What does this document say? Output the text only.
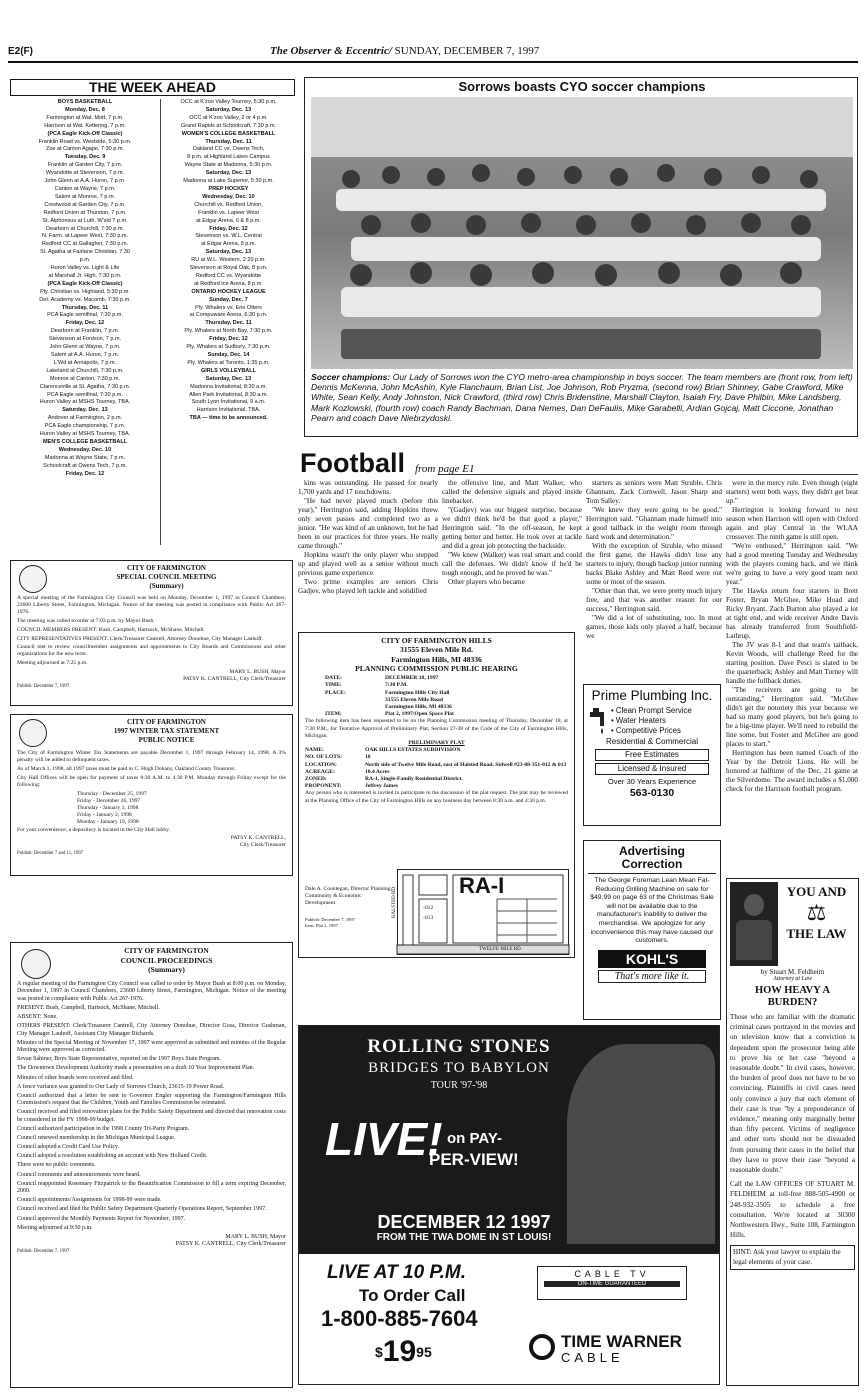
E2(F)	The Observer & Eccentric/ SUNDAY, DECEMBER 7, 1997
THE WEEK AHEAD
BOYS BASKETBALL
Monday, Dec. 8
Farmington at Wat. Mott, 7 p.m.
Harrison at Wat. Kettering, 7 p.m.
(PCA Eagle Kick-Off Classic)
Franklin Road vs. Westside, 5:30 p.m.
Zoe at Canton Agape, 7:30 p.m.
Tuesday, Dec. 9
Franklin at Garden City, 7 p.m.
Wyandotte at Stevenson, 7 p.m.
John Glenn at A.A. Huron, 7 p.m.
Canton at Wayne, 7 p.m.
Salem at Monroe, 7 p.m.
Crestwood at Garden City, 7 p.m.
Redford Union at Thurston, 7 p.m.
St. Alphonsus at Luth. W'sld 7 p.m.
Dearborn at Churchill, 7:30 p.m.
N. Farm. at Lapeer West, 7:30 p.m.
Redford CC at Gallagher, 7:30 p.m.
St. Agatha at Fairlane Christian, 7:30
p.m.
Huron Valley vs. Light & Life
at Marshall Jr. High, 7:30 p.m.
(PCA Eagle Kick-Off Classic)
Ply. Christian vs. Highland, 5:30 p.m.
Det. Academy vs. Macomb, 7:30 p.m.
Thursday, Dec. 11
PCA Eagle semifinal, 7:30 p.m.
Friday, Dec. 12
Dearborn at Franklin, 7 p.m.
Stevenson at Fordson, 7 p.m.
John Glenn at Wayne, 7 p.m.
Salem at A.A. Huron, 7 p.m.
L'Wd at Annapolis, 7 p.m.
Lakeland at Churchill, 7:30 p.m.
Monroe at Canton, 7:30 p.m.
Clarenceville at St. Agatha, 7:30 p.m.
PCA Eagle semifinal, 7:30 p.m.
Huron Valley at MSHS Tourney, TBA.
Saturday, Dec. 13
Andover at Farmington, 2 p.m.
PCA Eagle championship, 7 p.m.
Huron Valley at MSHS Tourney, TBA.
MEN'S COLLEGE BASKETBALL
Wednesday, Dec. 10
Madonna at Wayne State, 7 p.m.
Schoolcraft at Owens Tech, 7 p.m.
Friday, Dec. 12
OCC at K'zoo Valley Tourney, 5:30 p.m.
Saturday, Dec. 13
OCC at K'zoo Valley, 2 or 4 p.m.
Grand Rapids at Schoolcraft, 7:30 p.m.
WOMEN'S COLLEGE BASKETBALL
Thursday, Dec. 11
Oakland CC vs. Owens Tech,
8 p.m. at Highland Lakes Campus
Wayne State at Madonna, 5:30 p.m.
Saturday, Dec. 13
Madonna at Lake Superior, 5:30 p.m.
PREP HOCKEY
Wednesday, Dec. 10
Churchill vs. Redford Union,
Franklin vs. Lapeer West
at Edgar Arena, 6 & 8 p.m.
Friday, Dec. 12
Stevenson vs. W.L. Central
at Edgar Arena, 8 p.m.
Saturday, Dec. 13
RU at W.L. Western, 2:20 p.m.
Stevenson at Royal Oak, 8 p.m.
Redford CC vs. Wyandotte
at Redford Ice Arena, 8 p.m.
ONTARIO HOCKEY LEAGUE
Sunday, Dec. 7
Ply. Whalers vs. Erie Otters
at Compuware Arena, 6:30 p.m.
Thursday, Dec. 11
Ply. Whalers at North Bay, 7:30 p.m.
Friday, Dec. 12
Ply. Whalers at Sudbury, 7:30 p.m.
Sunday, Dec. 14
Ply. Whalers at Toronto, 1:35 p.m.
GIRLS VOLLEYBALL
Saturday, Dec. 13
Madonna Invitational, 8:30 a.m.
Allen Park Invitational, 8:30 a.m.
South Lyon Invitational, 9 a.m.
Harrison Invitational, TBA.
TBA — time to be announced.
Sorrows boasts CYO soccer champions
Soccer champions: Our Lady of Sorrows won the CYO metro-area championship in boys soccer. The team members are (front row, from left) Dennis McKenna, John McAshin, Kyle Flanchaum, Brian List, Joe Johnson, Rob Pryzma, (second row) Brian Shinney, Gabe Crawford, Mike White, Sean Kelly, Andy Johnston, Nick Crawford, (third row) Chris Bridenstine, Marshall Clayton, Isaiah Fry, Dave Philbin, Mike Landsberg, Mark Kozlowski, (fourth row) coach Randy Bachman, Dana Nemes, Dan DeFaulis, Mike Garabelli, Ardian Gojcaj, Matt Ciccone, Jonathan Pearn and coach Dave Niebrzydoski.
Football from page E1

kins was outstanding. He passed for nearly 1,700 yards and 17 touchdowns.

"He had never played much (before this year)," Herrington said, adding Hopkins threw only seven passes and completed two as a junior. "He was kind of an unknown, but he had been in our practices for three years. He really came through."

Hopkins wasn't the only player who stepped up and played well as a senior without much previous game experience.

Two prime examples are seniors Chris Gadjev, who played left tackle and solidified

the offensive line, and Matt Walker, who called the defensive signals and played inside linebacker.

"(Gadjev) was our biggest surprise, because we didn't think he'd be that good a player," Herrington said. "In the off-season, he kept getting better and better. He took over at tackle and did a great job protecting the backside.

"We knew (Walker) was real smart and could call the defenses. We didn't know if he'd be tough enough, and he proved he was."

Other players who became

starters as seniors were Matt Struble, Chris Ghannam, Zack Cornwell, Jason Sharp and Tom Salley.

"We knew they were going to be good," Herrington said. "Ghannam made himself into a good tailback in the weight room through hard work and determination."

With the exception of Struble, who missed the first game, the Hawks didn't lose any starters to injury, though backup junior running backs Blake Ashley and Matt Reed were out some or most of the season.

"Other than that, we were pretty much injury free, and that was another reason for our success," Herrington said.

"We did a lot of substituting, too. In most games, those kids only played a half, because we

were in the mercy rule. Even though (eight starters) went both ways, they didn't get beat up."

Herrington is looking forward to next season when Harrison will open with Oxford again and play Central in the WLAA crossover. The ninth game is still open.

"We're enthused," Herrington said. "We had a good meeting Tuesday and Wednesday with the players coming back, and we think we're going to have a very good team next year."

The Hawks return four starters in Brett Foster, Bryan McGhee, Mike Hoad and Ricky Bryant. Zach Burton also played a lot at tight end, and wide receiver Andre Davis has already transferred from Southfield-Lathrup.

The JV was 8-1 and that team's tailback, Kevin Woods, will challenge Reed for the starting position. Dave Pesci is slated to be the quarterback; Ashley and Matt Turney will handle the fullback duties.

"The receivers are going to be outstanding," Herrington said. "McGhee didn't get the notoriety this year because we had so many good players, but he's going to be a big-time player. We'll need to rebuild the line some, but Foster and McGhee are good places to start."

Herrington has been named Coach of the Year by the Detroit Lions. He will be honored at halftime of the Dec. 21 game at the Silverdome. The award includes a $1,000 check for the Harrison football program.

CITY OF FARMINGTON
SPECIAL COUNCIL MEETING
(Summary)

A special meeting of the Farmington City Council was held on Monday, December 1, 1997 in Council Chambers, 23600 Liberty Street, Farmington, Michigan. Notice of the meeting was posted in compliance with Public Act 267-1976.

The meeting was called to order at 7:03 p.m. by Mayor Bush.

COUNCIL MEMBERS PRESENT: Bush, Campbell, Hartsock, McShane, Mitchell.

CITY REPRESENTATIVES PRESENT: Clerk/Treasurer Cantrell, Attorney Donohue, City Manager Lauhoff.

Council met to review councilmember assignments and appointments to City Boards and Commissions and other organizations for the new term.

Meeting adjourned at 7:25 p.m.

MARY L. BUSH, Mayor
PATSY K. CANTRELL, City Clerk/Treasurer
Publish: December 7, 1997
CITY OF FARMINGTON
1997 WINTER TAX STATEMENT
PUBLIC NOTICE

The City of Farmington Winter Tax Statements are payable December 1, 1997 through February 14, 1998. A 3% penalty will be added to delinquent taxes.

As of March 1, 1998, all 1997 taxes must be paid to C. Hugh Dohany, Oakland County Treasurer.

City Hall Offices will be open for payment of taxes 8:30 A.M. to 4:30 P.M. Monday through Friday except for the following:

Thursday - December 25, 1997
Friday - December 26, 1997
Thursday - January 1, 1998
Friday - January 2, 1998
Monday - January 19, 1998

For your convenience, a depository is located in the City Hall lobby.

PATSY K. CANTRELL,
City Clerk/Treasurer
Publish: December 7 and 11, 1997
CITY OF FARMINGTON
COUNCIL PROCEEDINGS
(Summary)

A regular meeting of the Farmington City Council was called to order by Mayor Bush at 8:00 p.m. on Monday, December 1, 1997 in Council Chambers, 23600 Liberty Street, Farmington, Michigan. Notice of the meeting was posted in compliance with Public Act 267-1976.

PRESENT: Bush, Campbell, Hartsock, McShane, Mitchell.

ABSENT: None.

OTHERS PRESENT: Clerk/Treasurer Cantrell, City Attorney Donohue, Director Gosa, Director Gushman, City Manager Lauhoff, Assistant City Manager Richards.

Minutes of the Special Meeting of November 17, 1997 were approved as submitted and minutes of the Regular Meeting were approved as corrected.

Sevan Sahiner, Boys State Representative, reported on the 1997 Boys State Program.

The Downtown Development Authority made a presentation on a draft 10 Year Improvement Plan.

Minutes of other boards were received and filed.

A fence variance was granted to Our Lady of Sorrows Church, 23615-19 Power Road.

Council authorized that a letter be sent to Governor Engler supporting the Farmington/Farmington Hills Commission's request that the Children, Youth and Families Commission be reinstated.

Council received and filed renovation plans for the Public Safety Department and directed that renovation costs be considered in the FY 1998-99 budget.

Council authorized participation in the 1998 County Tri-Party Program.

Council renewed membership in the Michigan Municipal League.

Council adopted a Credit Card Use Policy.

Council adopted a resolution establishing an account with New Holland Credit.

There were no public comments.

Council comments and announcements were heard.

Council reappointed Rosemary Fitzpatrick to the Beautification Commission to fill a term expiring December, 2000.

Council appointments/Assignments for 1998-99 were made.

Council received and filed the Public Safety Department Quarterly Operations Report, September 1997.

Council approved the Monthly Payments Report for November, 1997.

Meeting adjourned at 9:50 p.m.

MARY L. BUSH, Mayor
PATSY K. CANTRELL, City Clerk/Treasurer
Publish: December 7, 1997
CITY OF FARMINGTON HILLS
31555 Eleven Mile Rd.
Farmington Hills, MI 48336
PLANNING COMMISSION PUBLIC HEARING
DATE:	DECEMBER 18, 1997
TIME:	7:30 P.M.
PLACE:	Farmington Hills City Hall
31555 Eleven Mile Road
Farmington Hills, MI 48336
ITEM:	Plat 2, 1997/Open Space Plat
The following item has been requested to be on the Planning Commission meeting of Thursday, December 18, at 7:30 P.M., for Tentative Approval of Preliminary Plat, Section 27-38 of the Code of the City of Farmington Hills, Michigan.
PRELIMINARY PLAT
NAME:	OAK HILLS ESTATES SUBDIVISION
NO. OF LOTS:	18
LOCATION:	North side of Twelve Mile Road, east of Halsted Road. Sidwell #23-08-351-012 & 013
ACREAGE:	10.4 Acres
ZONED:	RA-1, Single-Family Residential District.
PROPONENT:	Jeffrey James
Any person who is interested is invited to participate in the discussion of the plat request. The plat may be reviewed at the Planning Office of the City of Farmington Hills on any business day between 8:30 a.m. and 4:30 p.m.
Dale A. Countegan, Director Planning, Community & Economic Development
Publish: December 7, 1997
Item: Plat 2, 1997
RA-I
-012
-013
TWELVE MILE RD.
HALSTED RD.
Prime Plumbing Inc.
• Clean Prompt Service
• Water Heaters
• Competitive Prices
Residential & Commercial
Free Estimates
Licensed & Insured
Over 30 Years Experience
563-0130
Advertising
Correction
The George Foreman Lean Mean Fat-Reducing Grilling Machine on sale for $49.99 on page 63 of the Christmas Sale will not be available due to the manufacturer's inability to deliver the merchandise. We apologize for any inconvenience this may have caused our customers.
KOHL'S
That's more like it.
YOU AND
⚖
THE LAW
by Stuart M. Feldheim
Attorney at Law
HOW HEAVY A
BURDEN?
Those who are familiar with the dramatic criminal cases portrayed in the movies and on television know that a conviction is dependent upon the prosecutor being able to prove his or her case "beyond a reasonable doubt." In civil cases, however, the burden of proof does not have to be so convincing. Plaintiffs in civil cases need only convince a jury that each element of their case is true "by a preponderance of evidence," meaning only marginally better than fifty percent. Victims of negligence and other torts should not be dissuaded from pursuing their cases in the belief that they have to prove their case "beyond a reasonable doubt."
Call the LAW OFFICES OF STUART M. FELDHEIM at toll-free 888-505-4900 or 248-932-3505 to schedule a free consultation. We're located at 30300 Northwestern Hwy., Suite 108, Farmington Hills.
HINT: Ask your lawyer to explain the legal elements of your case.
ROLLING STONES
BRIDGES TO BABYLON
TOUR '97-'98
LIVE! on PAY-
PER-VIEW!
DECEMBER 12 1997
FROM THE TWA DOME IN ST LOUIS!
LIVE AT 10 P.M.
To Order Call
1-800-885-7604
$^{\$}19^{95}$
CABLE TV
ON-TIME GUARANTEED
TIME WARNER
CABLE
